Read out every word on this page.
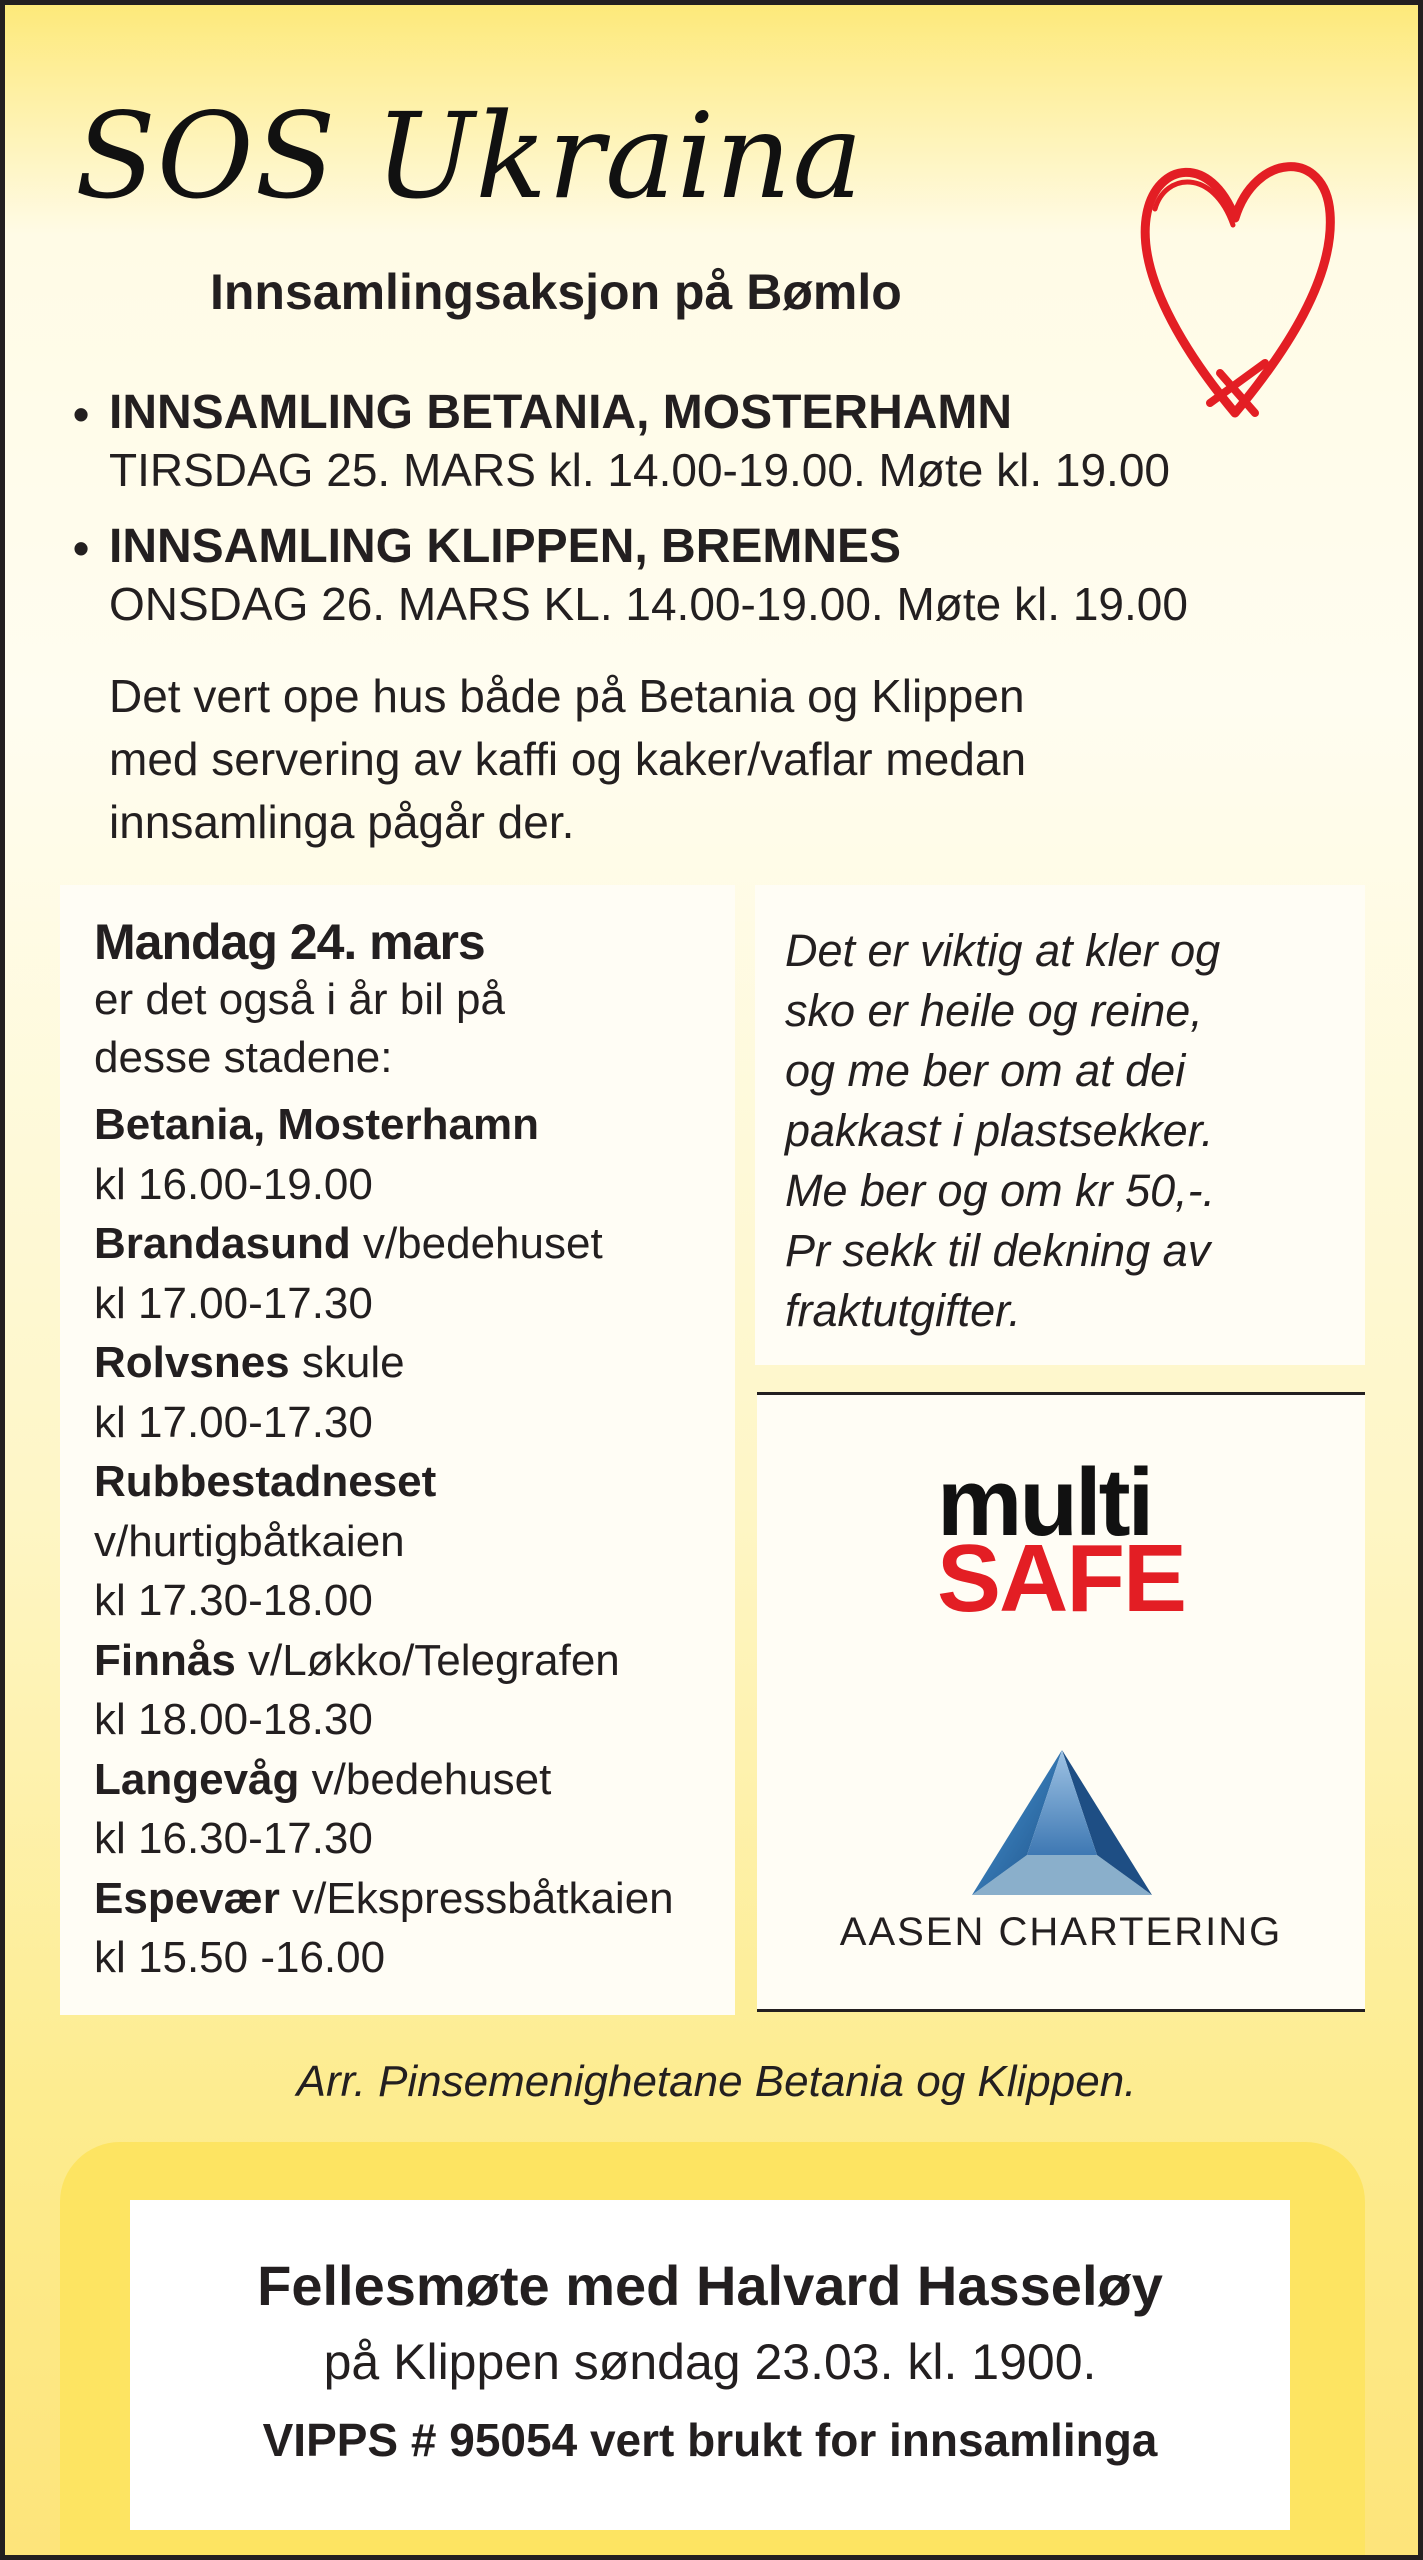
SOS Ukraina
Innsamlingsaksjon på Bømlo
• INNSAMLING BETANIA, MOSTERHAMN
TIRSDAG 25. MARS kl. 14.00-19.00. Møte kl. 19.00
• INNSAMLING KLIPPEN, BREMNES
ONSDAG 26. MARS KL. 14.00-19.00. Møte kl. 19.00
Det vert ope hus både på Betania og Klippen
med servering av kaffi og kaker/vaflar medan
innsamlinga pågår der.
Mandag 24. mars
er det også i år bil på
desse stadene:
Betania, Mosterhamn
kl 16.00-19.00
Brandasund v/bedehuset
kl 17.00-17.30
Rolvsnes skule
kl 17.00-17.30
Rubbestadneset
v/hurtigbåtkaien
kl 17.30-18.00
Finnås v/Løkko/Telegrafen
kl 18.00-18.30
Langevåg v/bedehuset
kl 16.30-17.30
Espevær v/Ekspressbåtkaien
kl 15.50 -16.00
Det er viktig at kler og
sko er heile og reine,
og me ber om at dei
pakkast i plastsekker.
Me ber og om kr 50,-.
Pr sekk til dekning av
fraktutgifter.
multi
SAFE
AASEN CHARTERING
Arr. Pinsemenighetane Betania og Klippen.
Fellesmøte med Halvard Hasseløy
på Klippen søndag 23.03. kl. 1900.
VIPPS # 95054 vert brukt for innsamlinga
